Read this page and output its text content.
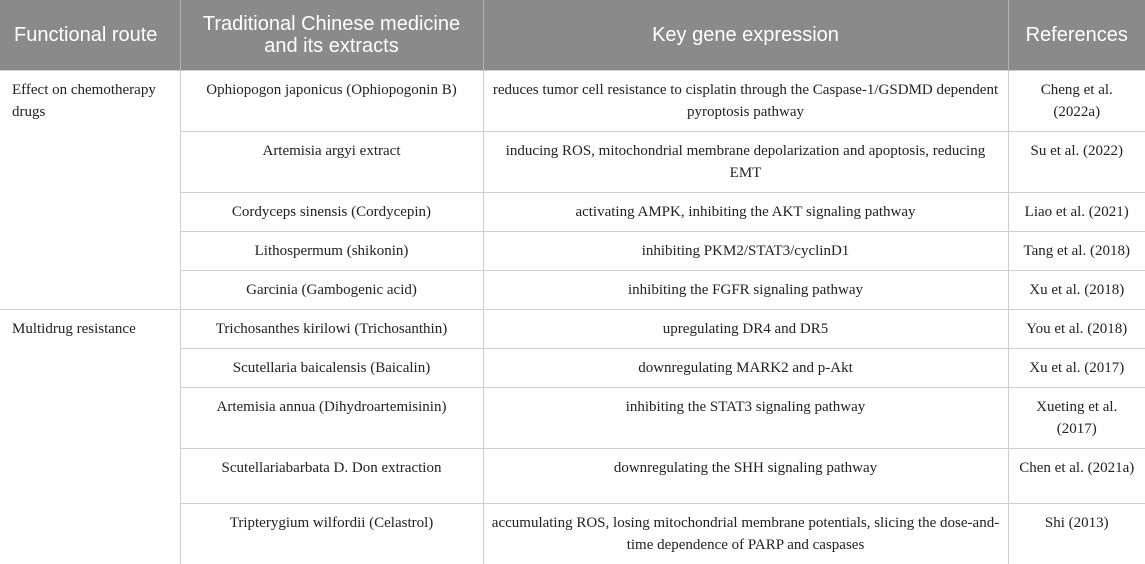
Functional route	Traditional Chinese medicine and its extracts	Key gene expression	References
Effect on chemotherapy drugs	Ophiopogon japonicus (Ophiopogonin B)	reduces tumor cell resistance to cisplatin through the Caspase-1/GSDMD dependent pyroptosis pathway	Cheng et al. (2022a)
	Artemisia argyi extract	inducing ROS, mitochondrial membrane depolarization and apoptosis, reducing EMT	Su et al. (2022)
	Cordyceps sinensis (Cordycepin)	activating AMPK, inhibiting the AKT signaling pathway	Liao et al. (2021)
	Lithospermum (shikonin)	inhibiting PKM2/STAT3/cyclinD1	Tang et al. (2018)
	Garcinia (Gambogenic acid)	inhibiting the FGFR signaling pathway	Xu et al. (2018)
Multidrug resistance	Trichosanthes kirilowi (Trichosanthin)	upregulating DR4 and DR5	You et al. (2018)
	Scutellaria baicalensis (Baicalin)	downregulating MARK2 and p-Akt	Xu et al. (2017)
	Artemisia annua (Dihydroartemisinin)	inhibiting the STAT3 signaling pathway	Xueting et al. (2017)
	Scutellariabarbata D. Don extraction	downregulating the SHH signaling pathway	Chen et al. (2021a)
	Tripterygium wilfordii (Celastrol)	accumulating ROS, losing mitochondrial membrane potentials, slicing the dose-and-time dependence of PARP and caspases	Shi (2013)
